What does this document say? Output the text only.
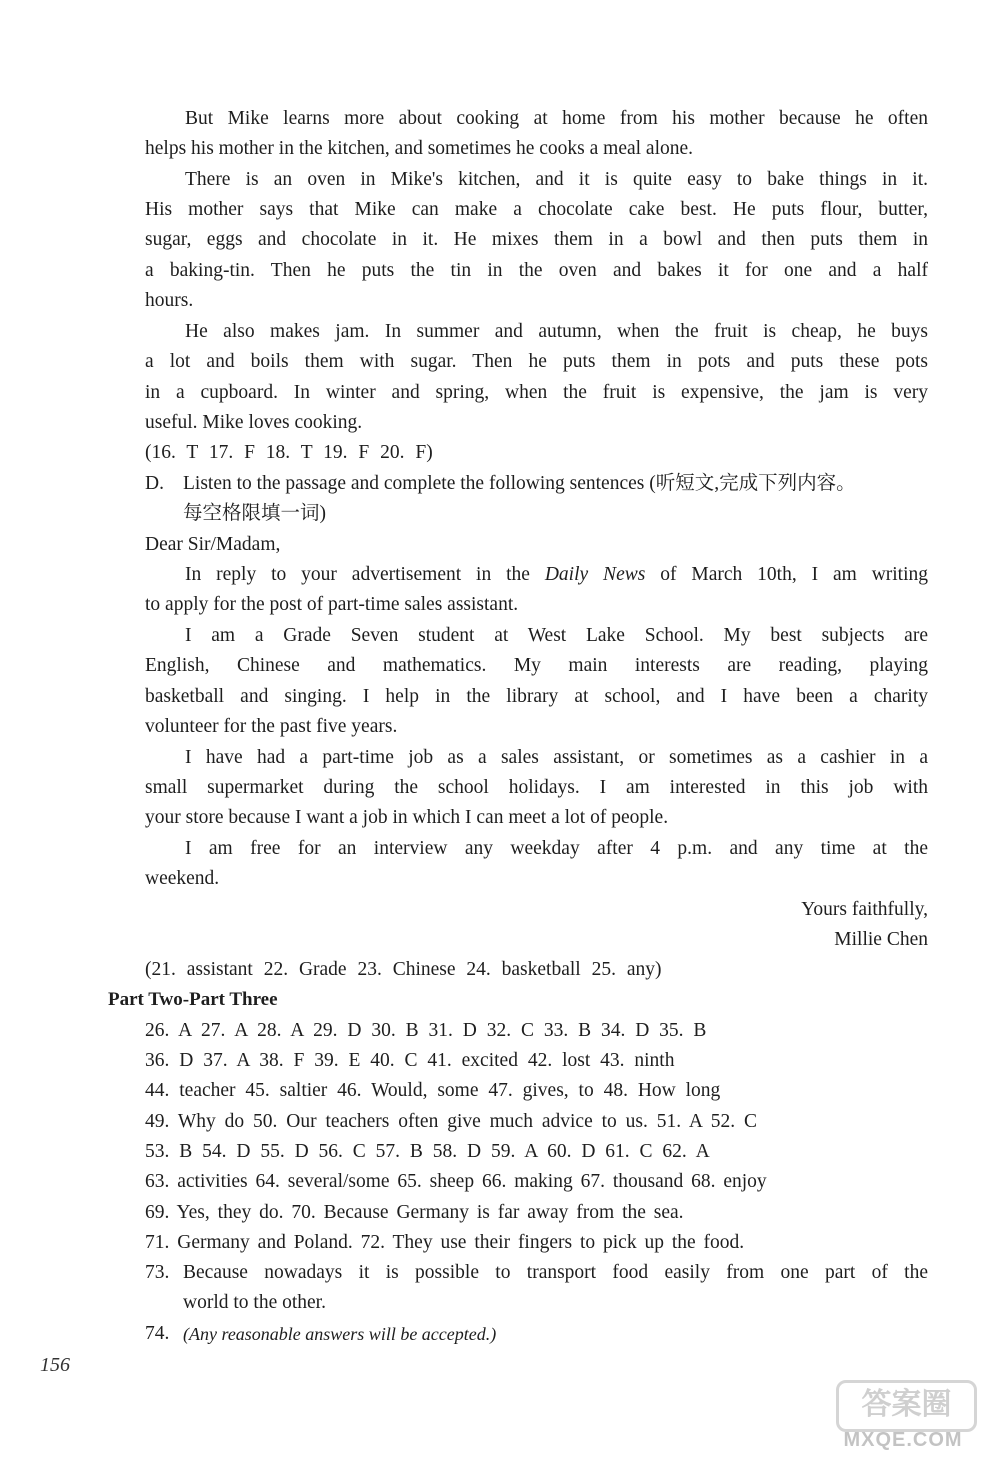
But Mike learns more about cooking at home from his mother because he often
helps his mother in the kitchen, and sometimes he cooks a meal alone.
There is an oven in Mike's kitchen, and it is quite easy to bake things in it.
His mother says that Mike can make a chocolate cake best. He puts flour, butter,
sugar, eggs and chocolate in it. He mixes them in a bowl and then puts them in
a baking-tin. Then he puts the tin in the oven and bakes it for one and a half
hours.
He also makes jam. In summer and autumn, when the fruit is cheap, he buys
a lot and boils them with sugar. Then he puts them in pots and puts these pots
in a cupboard. In winter and spring, when the fruit is expensive, the jam is very
useful. Mike loves cooking.
(16. T 17. F 18. T 19. F 20. F)
D. Listen to the passage and complete the following sentences (听短文,完成下列内容。
每空格限填一词)
Dear Sir/Madam,
In reply to your advertisement in the Daily News of March 10th, I am writing
to apply for the post of part-time sales assistant.
I am a Grade Seven student at West Lake School. My best subjects are
English, Chinese and mathematics. My main interests are reading, playing
basketball and singing. I help in the library at school, and I have been a charity
volunteer for the past five years.
I have had a part-time job as a sales assistant, or sometimes as a cashier in a
small supermarket during the school holidays. I am interested in this job with
your store because I want a job in which I can meet a lot of people.
I am free for an interview any weekday after 4 p.m. and any time at the
weekend.
Yours faithfully,
Millie Chen
(21. assistant 22. Grade 23. Chinese 24. basketball 25. any)
Part Two-Part Three
26. A 27. A 28. A 29. D 30. B 31. D 32. C 33. B 34. D 35. B
36. D 37. A 38. F 39. E 40. C 41. excited 42. lost 43. ninth
44. teacher 45. saltier 46. Would, some 47. gives, to 48. How long
49. Why do 50. Our teachers often give much advice to us. 51. A 52. C
53. B 54. D 55. D 56. C 57. B 58. D 59. A 60. D 61. C 62. A
63. activities 64. several/some 65. sheep 66. making 67. thousand 68. enjoy
69. Yes, they do. 70. Because Germany is far away from the sea.
71. Germany and Poland. 72. They use their fingers to pick up the food.
73. Because nowadays it is possible to transport food easily from one part of the
world to the other.
74. (Any reasonable answers will be accepted.)
156
答案圈
MXQE.COM
